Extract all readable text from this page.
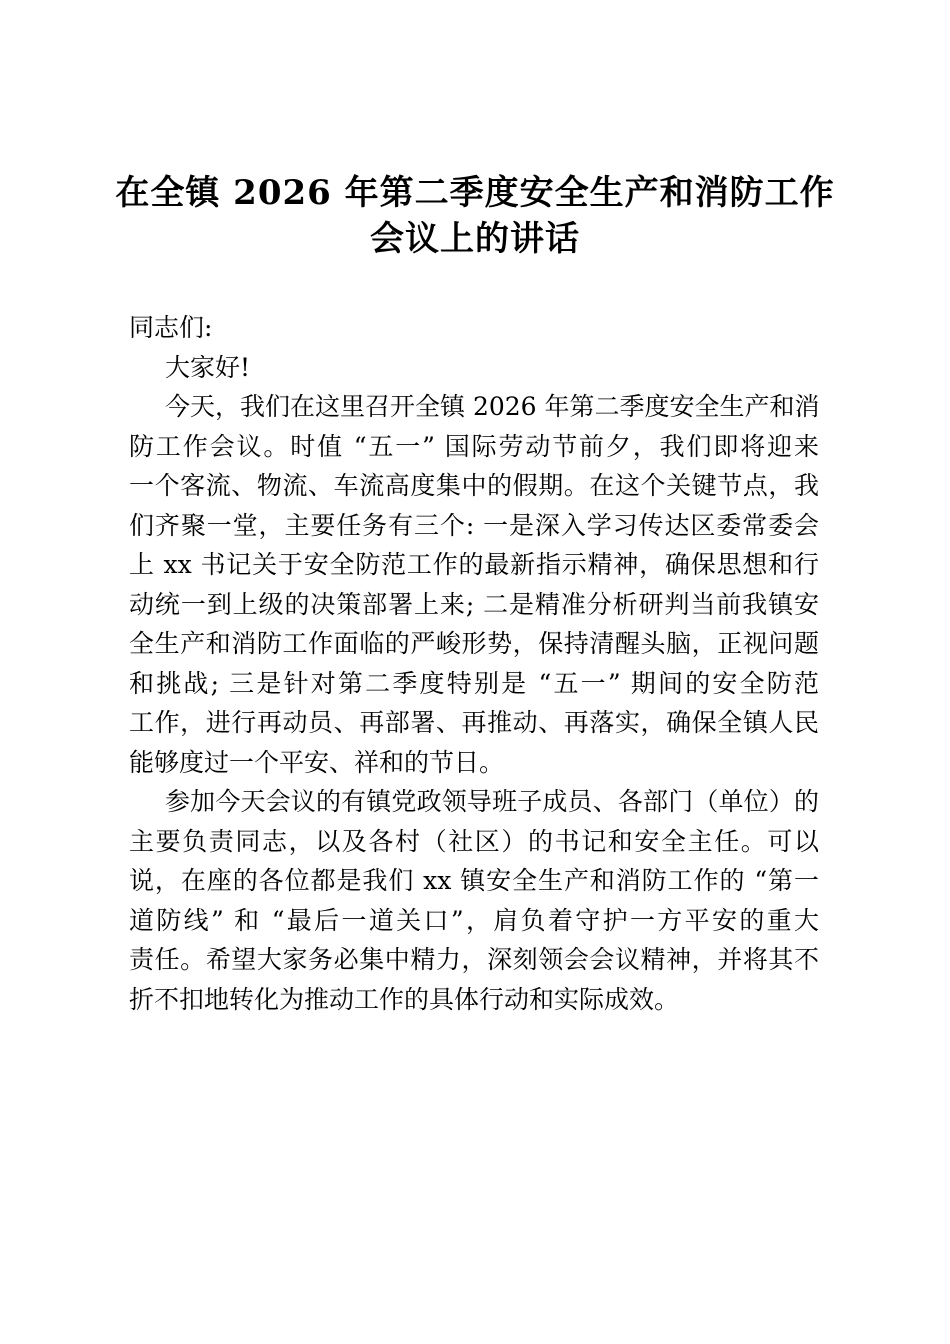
在全镇 2026 年第二季度安全生产和消防工作
会议上的讲话
同志们:
大家好!
今天，我们在这里召开全镇 2026 年第二季度安全生产和消
防工作会议。时值 “五一” 国际劳动节前夕，我们即将迎来
一个客流、物流、车流高度集中的假期。在这个关键节点，我
们齐聚一堂，主要任务有三个: 一是深入学习传达区委常委会
上 xx 书记关于安全防范工作的最新指示精神，确保思想和行
动统一到上级的决策部署上来; 二是精准分析研判当前我镇安
全生产和消防工作面临的严峻形势，保持清醒头脑，正视问题
和挑战; 三是针对第二季度特别是 “五一” 期间的安全防范
工作，进行再动员、再部署、再推动、再落实，确保全镇人民
能够度过一个平安、祥和的节日。
参加今天会议的有镇党政领导班子成员、各部门（单位）的
主要负责同志，以及各村（社区）的书记和安全主任。可以
说，在座的各位都是我们 xx 镇安全生产和消防工作的 “第一
道防线” 和 “最后一道关口”，肩负着守护一方平安的重大
责任。希望大家务必集中精力，深刻领会会议精神，并将其不
折不扣地转化为推动工作的具体行动和实际成效。
